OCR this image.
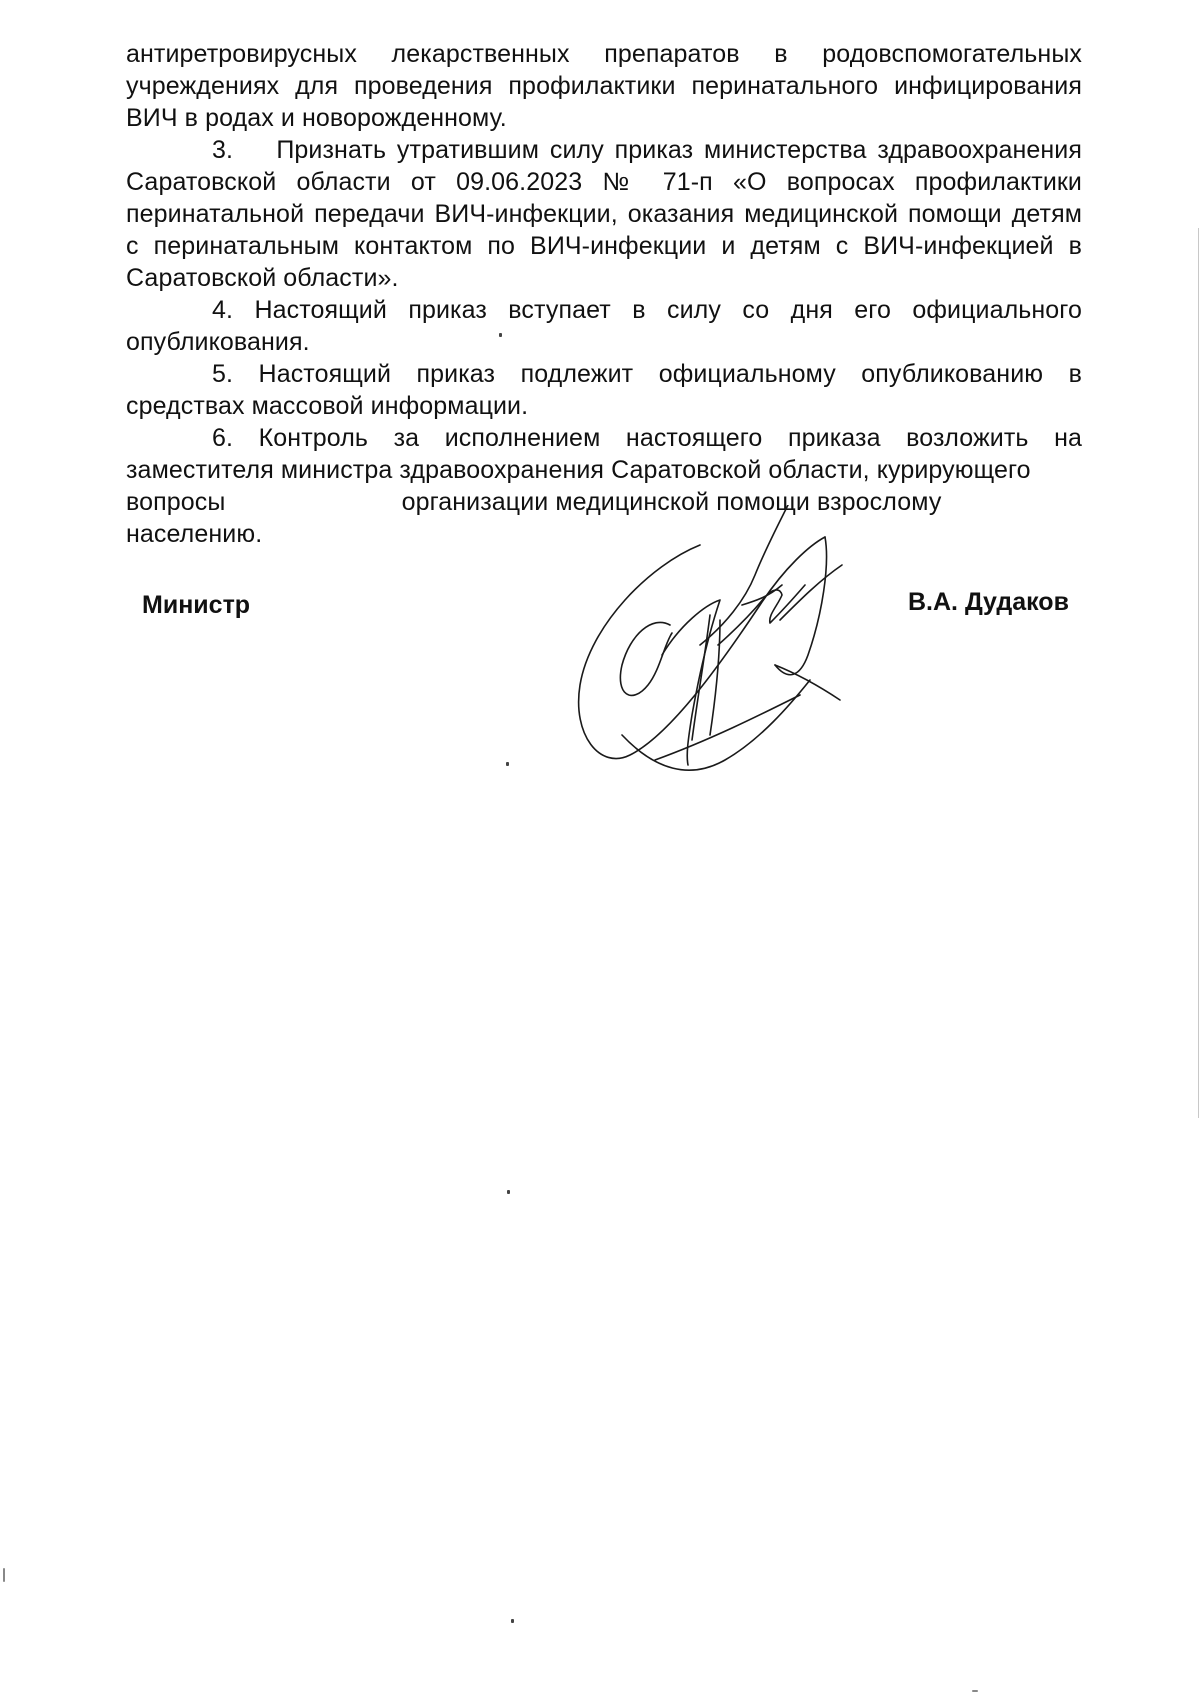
антиретровирусных лекарственных препаратов в родовспомогательных учреждениях для проведения профилактики перинатального инфицирования ВИЧ в родах и новорожденному.

3.    Признать утратившим силу приказ министерства здравоохранения Саратовской области от 09.06.2023 № 71-п «О вопросах профилактики перинатальной передачи ВИЧ-инфекции, оказания медицинской помощи детям с перинатальным контактом по ВИЧ-инфекции и детям с ВИЧ-инфекцией в Саратовской области».

4. Настоящий приказ вступает в силу со дня его официального опубликования.

5. Настоящий приказ подлежит официальному опубликованию в средствах массовой информации.

6. Контроль за исполнением настоящего приказа возложить на заместителя министра здравоохранения Саратовской области, курирующего

вопросы                         организации медицинской помощи взрослому населению.

Министр	В.А. Дудаков
